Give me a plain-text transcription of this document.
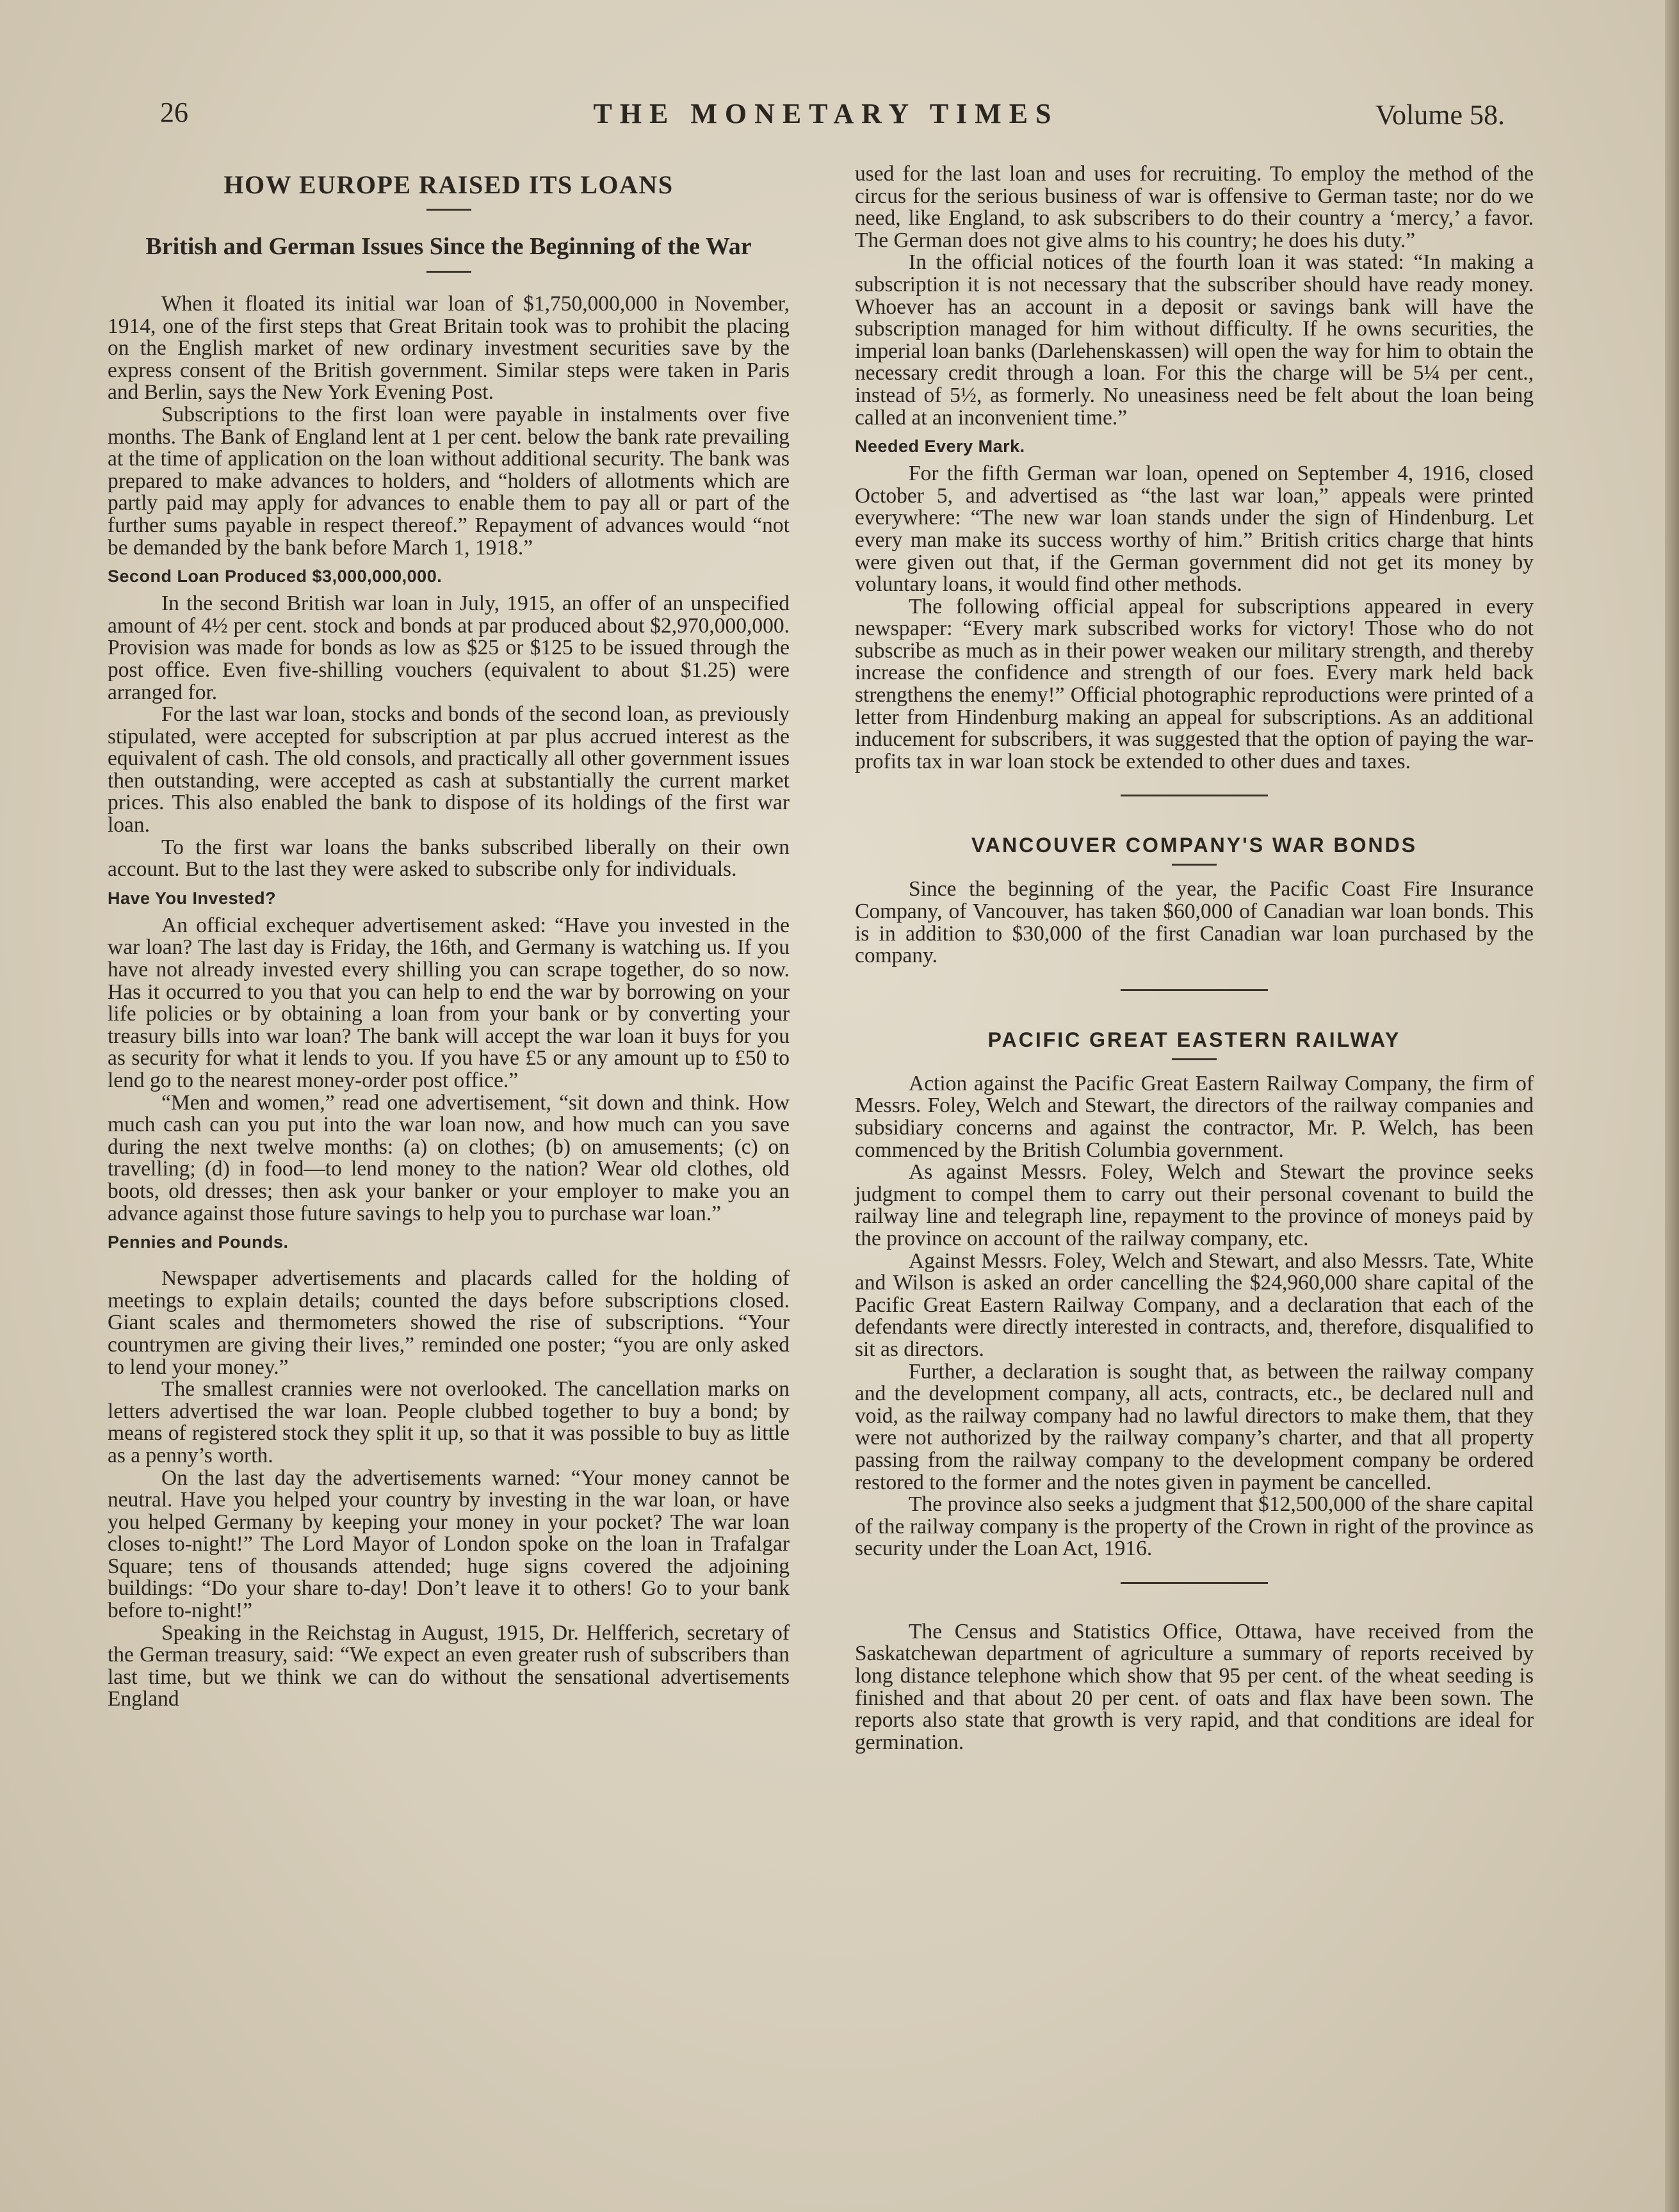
26	THE MONETARY TIMES	Volume 58.
HOW EUROPE RAISED ITS LOANS
British and German Issues Since the Beginning of the War

When it floated its initial war loan of $1,750,000,000 in November, 1914, one of the first steps that Great Britain took was to prohibit the placing on the English market of new ordinary investment securities save by the express consent of the British government. Similar steps were taken in Paris and Berlin, says the New York Evening Post.

Subscriptions to the first loan were payable in instalments over five months. The Bank of England lent at 1 per cent. below the bank rate prevailing at the time of application on the loan without additional security. The bank was prepared to make advances to holders, and “holders of allotments which are partly paid may apply for advances to enable them to pay all or part of the further sums payable in respect thereof.” Repayment of advances would “not be demanded by the bank before March 1, 1918.”

Second Loan Produced $3,000,000,000.

In the second British war loan in July, 1915, an offer of an unspecified amount of 4½ per cent. stock and bonds at par produced about $2,970,000,000. Provision was made for bonds as low as $25 or $125 to be issued through the post office. Even five-shilling vouchers (equivalent to about $1.25) were arranged for.

For the last war loan, stocks and bonds of the second loan, as previously stipulated, were accepted for subscription at par plus accrued interest as the equivalent of cash. The old consols, and practically all other government issues then outstanding, were accepted as cash at substantially the current market prices. This also enabled the bank to dispose of its holdings of the first war loan.

To the first war loans the banks subscribed liberally on their own account. But to the last they were asked to subscribe only for individuals.

Have You Invested?

An official exchequer advertisement asked: “Have you invested in the war loan? The last day is Friday, the 16th, and Germany is watching us. If you have not already invested every shilling you can scrape together, do so now. Has it occurred to you that you can help to end the war by borrowing on your life policies or by obtaining a loan from your bank or by converting your treasury bills into war loan? The bank will accept the war loan it buys for you as security for what it lends to you. If you have £5 or any amount up to £50 to lend go to the nearest money-order post office.”

“Men and women,” read one advertisement, “sit down and think. How much cash can you put into the war loan now, and how much can you save during the next twelve months: (a) on clothes; (b) on amusements; (c) on travelling; (d) in food—to lend money to the nation? Wear old clothes, old boots, old dresses; then ask your banker or your employer to make you an advance against those future savings to help you to purchase war loan.”

Pennies and Pounds.

Newspaper advertisements and placards called for the holding of meetings to explain details; counted the days before subscriptions closed. Giant scales and thermometers showed the rise of subscriptions. “Your countrymen are giving their lives,” reminded one poster; “you are only asked to lend your money.”

The smallest crannies were not overlooked. The cancellation marks on letters advertised the war loan. People clubbed together to buy a bond; by means of registered stock they split it up, so that it was possible to buy as little as a penny’s worth.

On the last day the advertisements warned: “Your money cannot be neutral. Have you helped your country by investing in the war loan, or have you helped Germany by keeping your money in your pocket? The war loan closes to-night!” The Lord Mayor of London spoke on the loan in Trafalgar Square; tens of thousands attended; huge signs covered the adjoining buildings: “Do your share to-day! Don’t leave it to others! Go to your bank before to-night!”

Speaking in the Reichstag in August, 1915, Dr. Helfferich, secretary of the German treasury, said: “We expect an even greater rush of subscribers than last time, but we think we can do without the sensational advertisements England

used for the last loan and uses for recruiting. To employ the method of the circus for the serious business of war is offensive to German taste; nor do we need, like England, to ask subscribers to do their country a ‘mercy,’ a favor. The German does not give alms to his country; he does his duty.”

In the official notices of the fourth loan it was stated: “In making a subscription it is not necessary that the subscriber should have ready money. Whoever has an account in a deposit or savings bank will have the subscription managed for him without difficulty. If he owns securities, the imperial loan banks (Darlehenskassen) will open the way for him to obtain the necessary credit through a loan. For this the charge will be 5¼ per cent., instead of 5½, as formerly. No uneasiness need be felt about the loan being called at an inconvenient time.”

Needed Every Mark.

For the fifth German war loan, opened on September 4, 1916, closed October 5, and advertised as “the last war loan,” appeals were printed everywhere: “The new war loan stands under the sign of Hindenburg. Let every man make its success worthy of him.” British critics charge that hints were given out that, if the German government did not get its money by voluntary loans, it would find other methods.

The following official appeal for subscriptions appeared in every newspaper: “Every mark subscribed works for victory! Those who do not subscribe as much as in their power weaken our military strength, and thereby increase the confidence and strength of our foes. Every mark held back strengthens the enemy!” Official photographic reproductions were printed of a letter from Hindenburg making an appeal for subscriptions. As an additional inducement for subscribers, it was suggested that the option of paying the war-profits tax in war loan stock be extended to other dues and taxes.

VANCOUVER COMPANY'S WAR BONDS

Since the beginning of the year, the Pacific Coast Fire Insurance Company, of Vancouver, has taken $60,000 of Canadian war loan bonds. This is in addition to $30,000 of the first Canadian war loan purchased by the company.

PACIFIC GREAT EASTERN RAILWAY

Action against the Pacific Great Eastern Railway Company, the firm of Messrs. Foley, Welch and Stewart, the directors of the railway companies and subsidiary concerns and against the contractor, Mr. P. Welch, has been commenced by the British Columbia government.

As against Messrs. Foley, Welch and Stewart the province seeks judgment to compel them to carry out their personal covenant to build the railway line and telegraph line, repayment to the province of moneys paid by the province on account of the railway company, etc.

Against Messrs. Foley, Welch and Stewart, and also Messrs. Tate, White and Wilson is asked an order cancelling the $24,960,000 share capital of the Pacific Great Eastern Railway Company, and a declaration that each of the defendants were directly interested in contracts, and, therefore, disqualified to sit as directors.

Further, a declaration is sought that, as between the railway company and the development company, all acts, contracts, etc., be declared null and void, as the railway company had no lawful directors to make them, that they were not authorized by the railway company’s charter, and that all property passing from the railway company to the development company be ordered restored to the former and the notes given in payment be cancelled.

The province also seeks a judgment that $12,500,000 of the share capital of the railway company is the property of the Crown in right of the province as security under the Loan Act, 1916.

The Census and Statistics Office, Ottawa, have received from the Saskatchewan department of agriculture a summary of reports received by long distance telephone which show that 95 per cent. of the wheat seeding is finished and that about 20 per cent. of oats and flax have been sown. The reports also state that growth is very rapid, and that conditions are ideal for germination.
